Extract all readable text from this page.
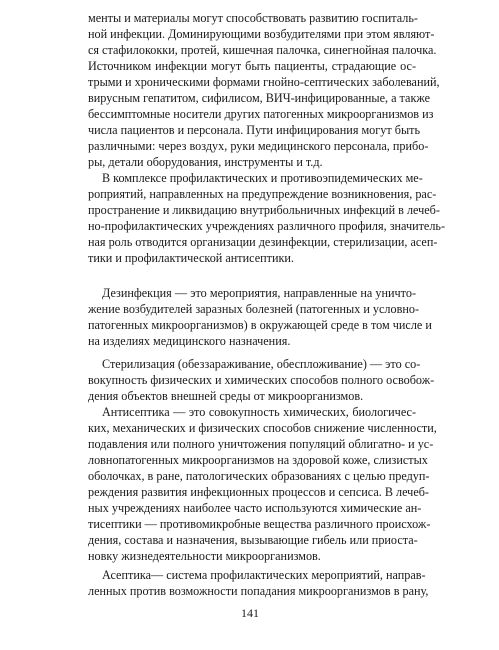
менты и материалы могут способствовать развитию госпиталь-
ной инфекции. Доминирующими возбудителями при этом являют-
ся стафилококки, протей, кишечная палочка, синегнойная палочка.
Источником инфекции могут быть пациенты, страдающие ос-
трыми и хроническими формами гнойно-септических заболеваний,
вирусным гепатитом, сифилисом, ВИЧ-инфицированные, а также
бессимптомные носители других патогенных микроорганизмов из
числа пациентов и персонала. Пути инфицирования могут быть
различными: через воздух, руки медицинского персонала, прибо-
ры, детали оборудования, инструменты и т.д.
В комплексе профилактических и противоэпидемических ме-
роприятий, направленных на предупреждение возникновения, рас-
пространение и ликвидацию внутрибольничных инфекций в лечеб-
но-профилактических учреждениях различного профиля, значитель-
ная роль отводится организации дезинфекции, стерилизации, асеп-
тики и профилактической антисептики.
Дезинфекция — это мероприятия, направленные на уничто-
жение возбудителей заразных болезней (патогенных и условно-
патогенных микроорганизмов) в окружающей среде в том числе и
на изделиях медицинского назначения.
Стерилизация (обеззараживание, обеспложивание) — это со-
вокупность физических и химических способов полного освобож-
дения объектов внешней среды от микроорганизмов.
Антисептика — это совокупность химических, биологичес-
ких, механических и физических способов снижение численности,
подавления или полного уничтожения популяций облигатно- и ус-
ловнопатогенных микроорганизмов на здоровой коже, слизистых
оболочках, в ране, патологических образованиях с целью предуп-
реждения развития инфекционных процессов и сепсиса. В лечеб-
ных учреждениях наиболее часто используются химические ан-
тисептики — противомикробные вещества различного происхож-
дения, состава и назначения, вызывающие гибель или приоста-
новку жизнедеятельности микроорганизмов.
Асептика— система профилактических мероприятий, направ-
ленных против возможности попадания микроорганизмов в рану,
141
